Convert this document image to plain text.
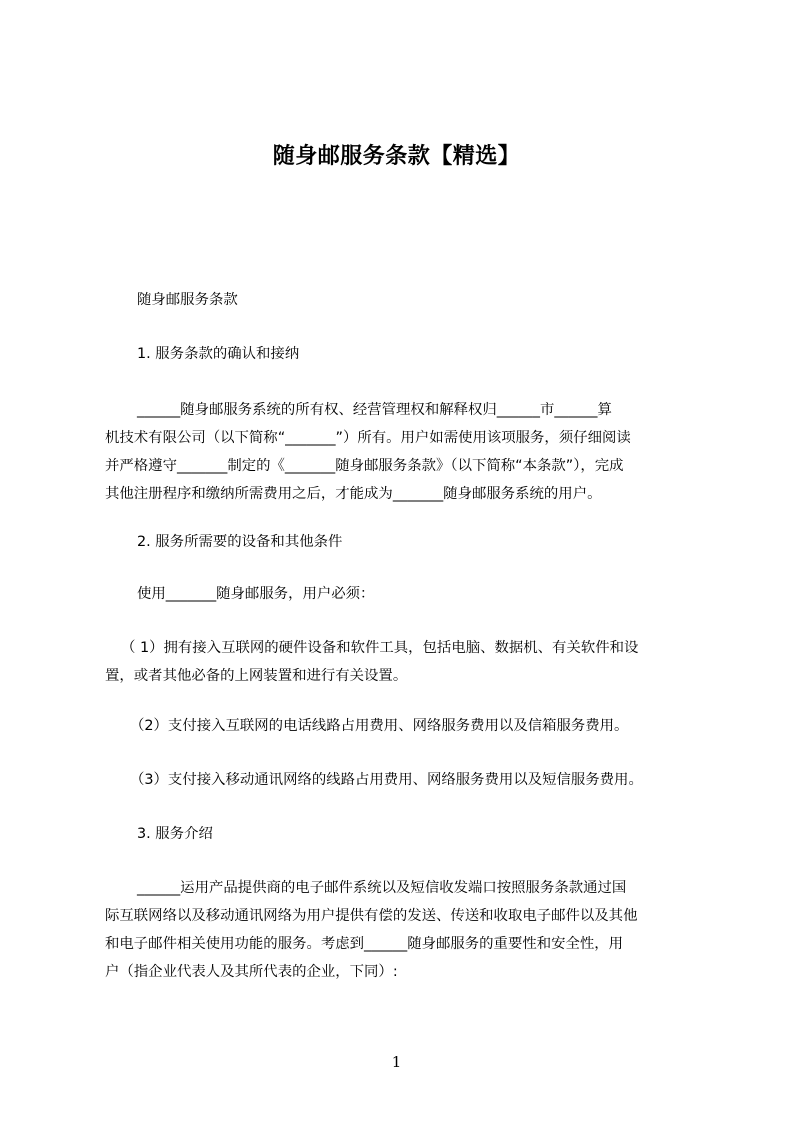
随身邮服务条款【精选】
随身邮服务条款
1. 服务条款的确认和接纳
______随身邮服务系统的所有权、经营管理权和解释权归______市______算
机技术有限公司（以下简称“_______”）所有。用户如需使用该项服务，须仔细阅读
并严格遵守_______制定的《_______随身邮服务条款》（以下简称“本条款”），完成
其他注册程序和缴纳所需费用之后，才能成为_______随身邮服务系统的用户。
2. 服务所需要的设备和其他条件
使用_______随身邮服务，用户必须：
（ 1）拥有接入互联网的硬件设备和软件工具，包括电脑、数据机、有关软件和设
置，或者其他必备的上网装置和进行有关设置。
（2）支付接入互联网的电话线路占用费用、网络服务费用以及信箱服务费用。
（3）支付接入移动通讯网络的线路占用费用、网络服务费用以及短信服务费用。
3. 服务介绍
______运用产品提供商的电子邮件系统以及短信收发端口按照服务条款通过国
际互联网络以及移动通讯网络为用户提供有偿的发送、传送和收取电子邮件以及其他
和电子邮件相关使用功能的服务。考虑到______随身邮服务的重要性和安全性，用
户（指企业代表人及其所代表的企业，下同）:
1
